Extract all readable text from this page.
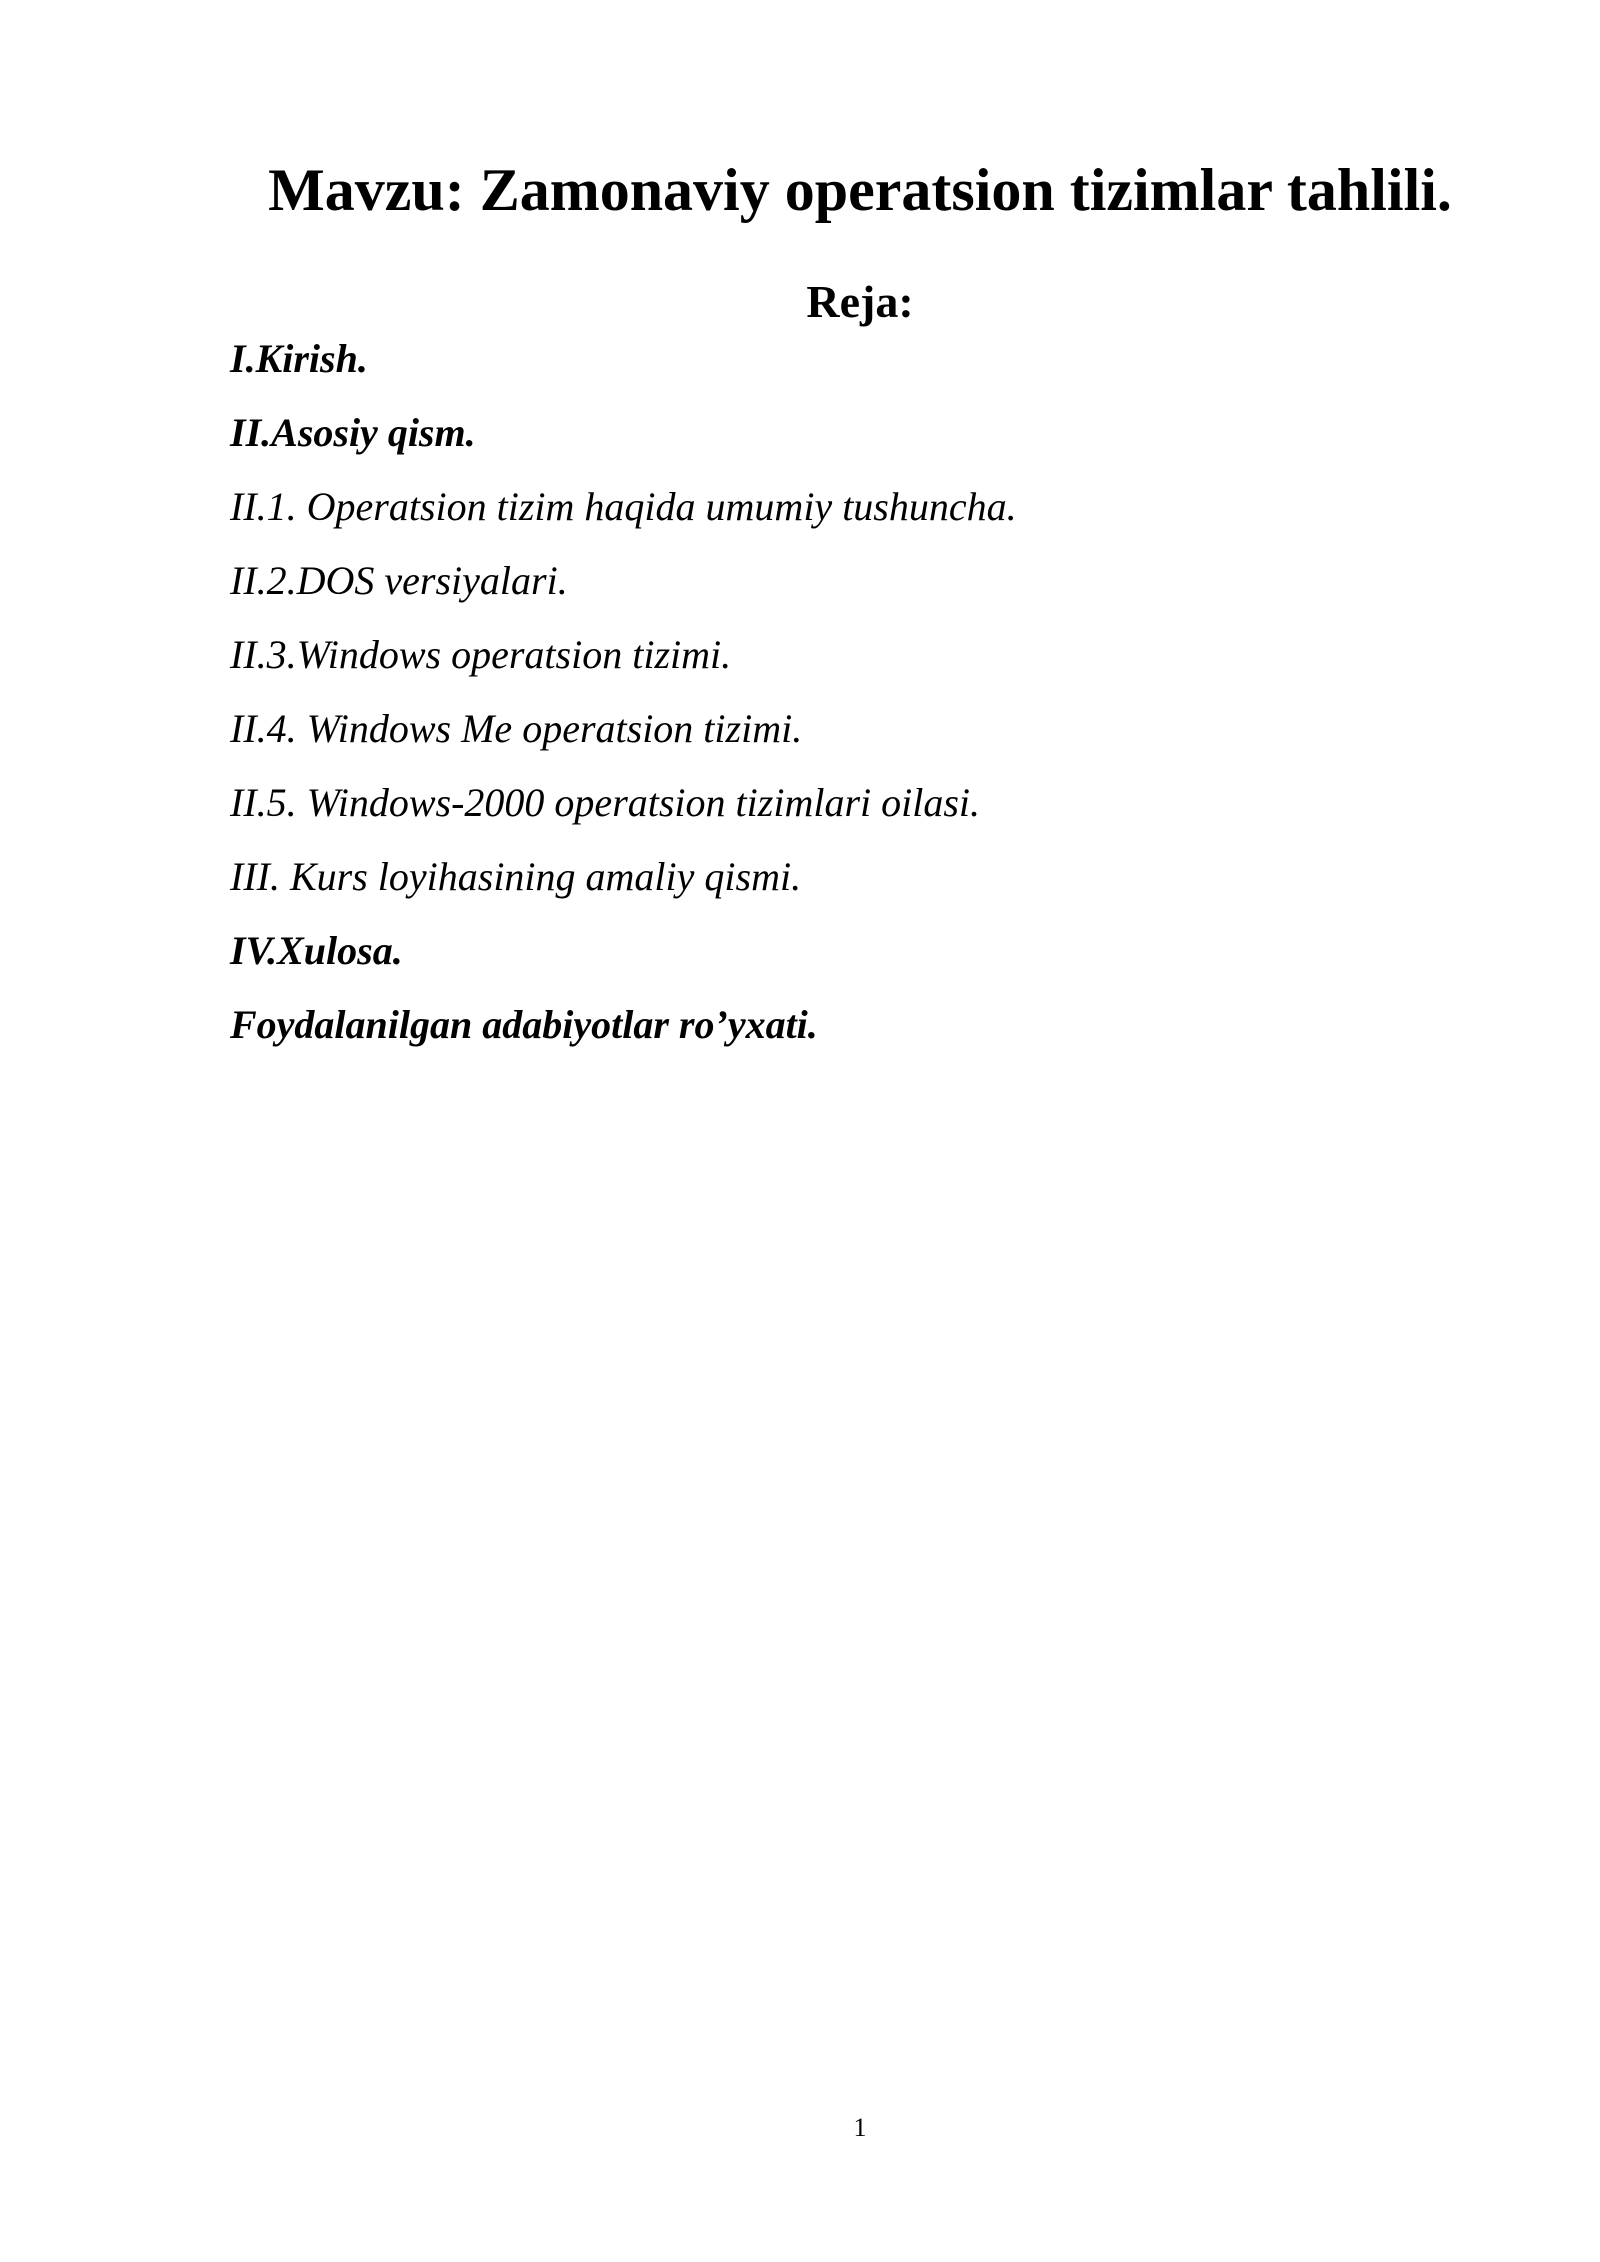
Mavzu: Zamonaviy operatsion tizimlar tahlili.
Reja:
I.Kirish.
II.Asosiy qism.
II.1. Operatsion tizim haqida umumiy tushuncha.
II.2.DOS versiyalari.
II.3.Windows operatsion tizimi.
II.4. Windows Me operatsion tizimi.
II.5. Windows-2000 operatsion tizimlari oilasi.
III. Kurs loyihasining amaliy qismi.
IV.Xulosa.
Foydalanilgan adabiyotlar ro’yxati.
1
